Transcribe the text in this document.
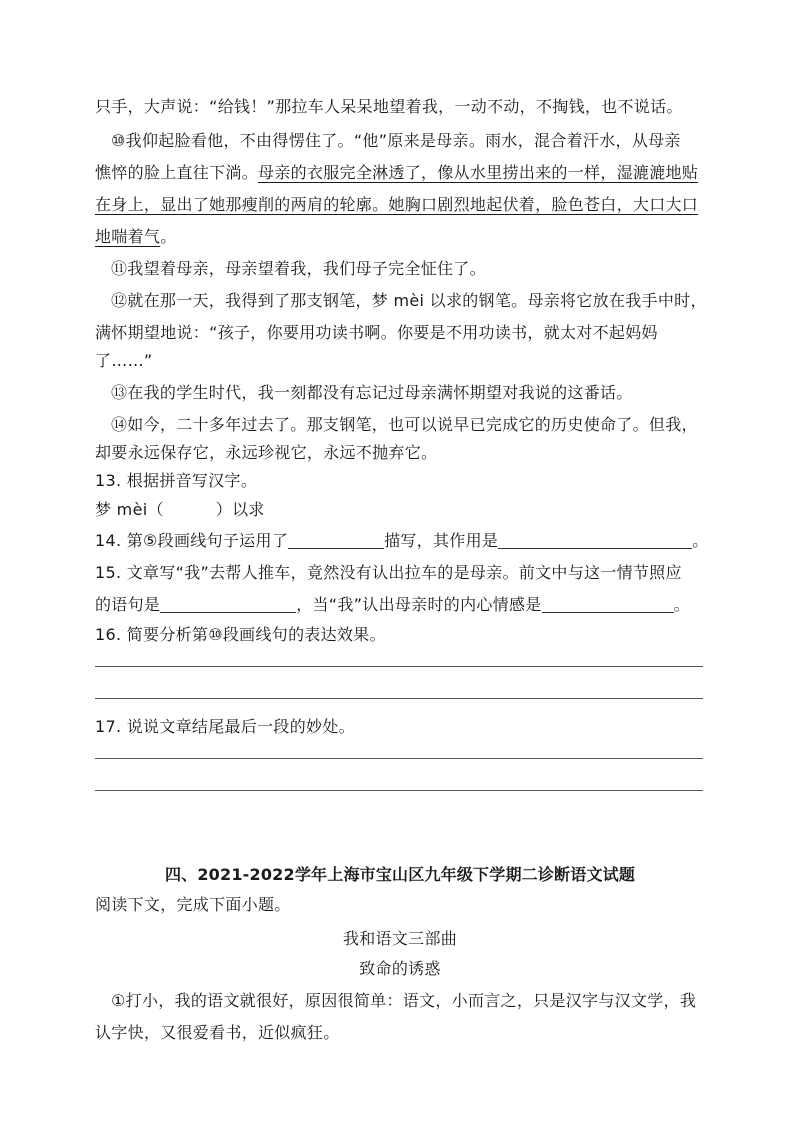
只手，大声说：“给钱！”那拉车人呆呆地望着我，一动不动，不掏钱，也不说话。
⑩我仰起脸看他，不由得愣住了。“他”原来是母亲。雨水，混合着汗水，从母亲
憔悴的脸上直往下淌。母亲的衣服完全淋透了，像从水里捞出来的一样，湿漉漉地贴
在身上，显出了她那瘦削的两肩的轮廓。她胸口剧烈地起伏着，脸色苍白，大口大口
地喘着气。
⑪我望着母亲，母亲望着我，我们母子完全怔住了。
⑫就在那一天，我得到了那支钢笔，梦 mèi 以求的钢笔。母亲将它放在我手中时，
满怀期望地说：“孩子，你要用功读书啊。你要是不用功读书，就太对不起妈妈
了……”
⑬在我的学生时代，我一刻都没有忘记过母亲满怀期望对我说的这番话。
⑭如今，二十多年过去了。那支钢笔，也可以说早已完成它的历史使命了。但我，
却要永远保存它，永远珍视它，永远不抛弃它。
13. 根据拼音写汉字。
梦 mèi（	）以求
14. 第⑤段画线句子运用了	描写，其作用是	。
15. 文章写“我”去帮人推车，竟然没有认出拉车的是母亲。前文中与这一情节照应
的语句是	，当“我”认出母亲时的内心情感是	。
16. 简要分析第⑩段画线句的表达效果。
17. 说说文章结尾最后一段的妙处。
四、2021-2022学年上海市宝山区九年级下学期二诊断语文试题
阅读下文，完成下面小题。
我和语文三部曲
致命的诱惑
①打小，我的语文就很好，原因很简单：语文，小而言之，只是汉字与汉文学，我
认字快，又很爱看书，近似疯狂。
